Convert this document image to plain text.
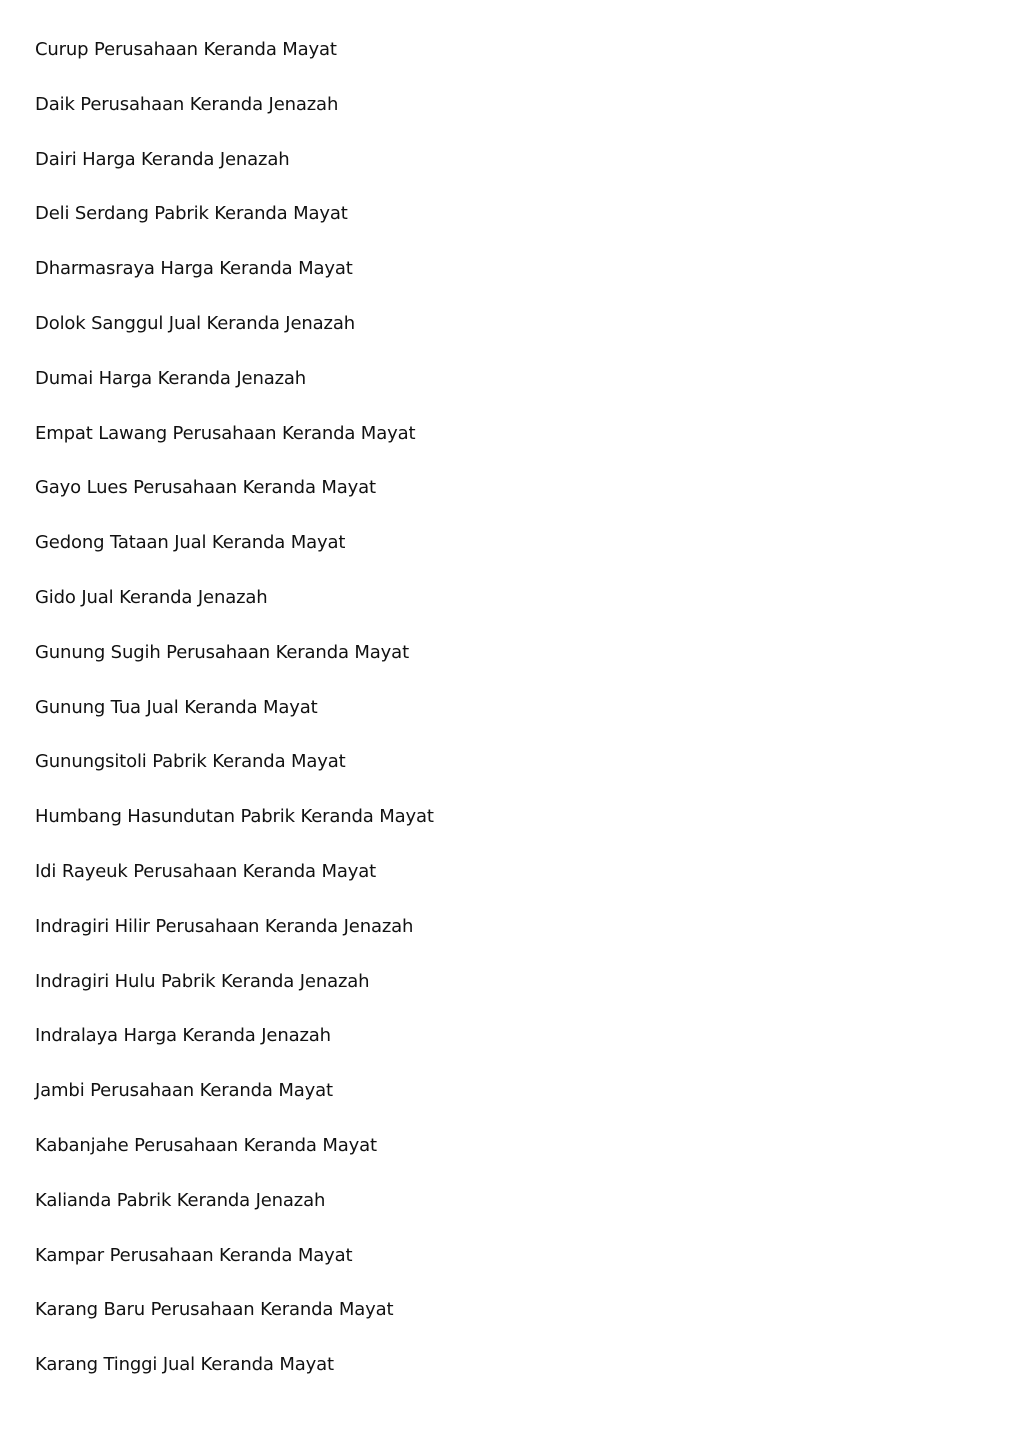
Curup Perusahaan Keranda Mayat
Daik Perusahaan Keranda Jenazah
Dairi Harga Keranda Jenazah
Deli Serdang Pabrik Keranda Mayat
Dharmasraya Harga Keranda Mayat
Dolok Sanggul Jual Keranda Jenazah
Dumai Harga Keranda Jenazah
Empat Lawang Perusahaan Keranda Mayat
Gayo Lues Perusahaan Keranda Mayat
Gedong Tataan Jual Keranda Mayat
Gido Jual Keranda Jenazah
Gunung Sugih Perusahaan Keranda Mayat
Gunung Tua Jual Keranda Mayat
Gunungsitoli Pabrik Keranda Mayat
Humbang Hasundutan Pabrik Keranda Mayat
Idi Rayeuk Perusahaan Keranda Mayat
Indragiri Hilir Perusahaan Keranda Jenazah
Indragiri Hulu Pabrik Keranda Jenazah
Indralaya Harga Keranda Jenazah
Jambi Perusahaan Keranda Mayat
Kabanjahe Perusahaan Keranda Mayat
Kalianda Pabrik Keranda Jenazah
Kampar Perusahaan Keranda Mayat
Karang Baru Perusahaan Keranda Mayat
Karang Tinggi Jual Keranda Mayat
